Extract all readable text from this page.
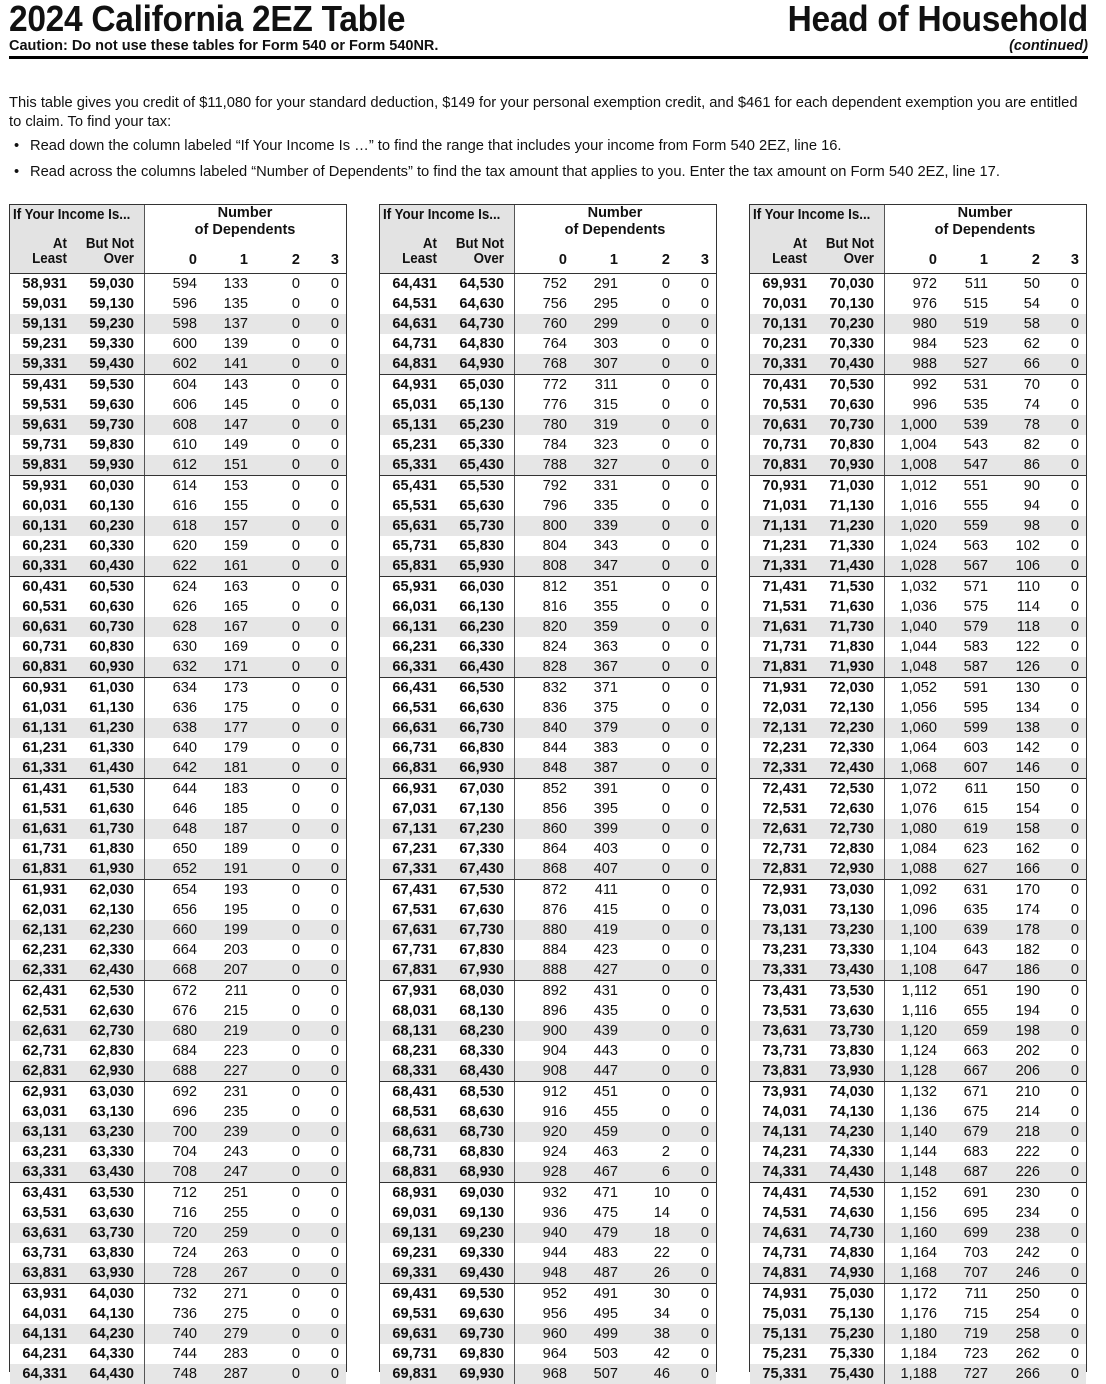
2024 California 2EZ Table	Head of Household
Caution: Do not use these tables for Form 540 or Form 540NR.	(continued)
This table gives you credit of $11,080 for your standard deduction, $149 for your personal exemption credit, and $461 for each dependent exemption you are entitled to claim. To find your tax:
• Read down the column labeled “If Your Income Is …” to find the range that includes your income from Form 540 2EZ, line 16.
• Read across the columns labeled “Number of Dependents” to find the tax amount that applies to you. Enter the tax amount on Form 540 2EZ, line 17.
If Your Income Is...
At
Least
But Not
Over
Number
of Dependents
0	1	2	3
58,931	59,030	594	133	0	0
59,031	59,130	596	135	0	0
59,131	59,230	598	137	0	0
59,231	59,330	600	139	0	0
59,331	59,430	602	141	0	0
59,431	59,530	604	143	0	0
59,531	59,630	606	145	0	0
59,631	59,730	608	147	0	0
59,731	59,830	610	149	0	0
59,831	59,930	612	151	0	0
59,931	60,030	614	153	0	0
60,031	60,130	616	155	0	0
60,131	60,230	618	157	0	0
60,231	60,330	620	159	0	0
60,331	60,430	622	161	0	0
60,431	60,530	624	163	0	0
60,531	60,630	626	165	0	0
60,631	60,730	628	167	0	0
60,731	60,830	630	169	0	0
60,831	60,930	632	171	0	0
60,931	61,030	634	173	0	0
61,031	61,130	636	175	0	0
61,131	61,230	638	177	0	0
61,231	61,330	640	179	0	0
61,331	61,430	642	181	0	0
61,431	61,530	644	183	0	0
61,531	61,630	646	185	0	0
61,631	61,730	648	187	0	0
61,731	61,830	650	189	0	0
61,831	61,930	652	191	0	0
61,931	62,030	654	193	0	0
62,031	62,130	656	195	0	0
62,131	62,230	660	199	0	0
62,231	62,330	664	203	0	0
62,331	62,430	668	207	0	0
62,431	62,530	672	211	0	0
62,531	62,630	676	215	0	0
62,631	62,730	680	219	0	0
62,731	62,830	684	223	0	0
62,831	62,930	688	227	0	0
62,931	63,030	692	231	0	0
63,031	63,130	696	235	0	0
63,131	63,230	700	239	0	0
63,231	63,330	704	243	0	0
63,331	63,430	708	247	0	0
63,431	63,530	712	251	0	0
63,531	63,630	716	255	0	0
63,631	63,730	720	259	0	0
63,731	63,830	724	263	0	0
63,831	63,930	728	267	0	0
63,931	64,030	732	271	0	0
64,031	64,130	736	275	0	0
64,131	64,230	740	279	0	0
64,231	64,330	744	283	0	0
64,331	64,430	748	287	0	0
If Your Income Is...
At
Least
But Not
Over
Number
of Dependents
0	1	2	3
64,431	64,530	752	291	0	0
64,531	64,630	756	295	0	0
64,631	64,730	760	299	0	0
64,731	64,830	764	303	0	0
64,831	64,930	768	307	0	0
64,931	65,030	772	311	0	0
65,031	65,130	776	315	0	0
65,131	65,230	780	319	0	0
65,231	65,330	784	323	0	0
65,331	65,430	788	327	0	0
65,431	65,530	792	331	0	0
65,531	65,630	796	335	0	0
65,631	65,730	800	339	0	0
65,731	65,830	804	343	0	0
65,831	65,930	808	347	0	0
65,931	66,030	812	351	0	0
66,031	66,130	816	355	0	0
66,131	66,230	820	359	0	0
66,231	66,330	824	363	0	0
66,331	66,430	828	367	0	0
66,431	66,530	832	371	0	0
66,531	66,630	836	375	0	0
66,631	66,730	840	379	0	0
66,731	66,830	844	383	0	0
66,831	66,930	848	387	0	0
66,931	67,030	852	391	0	0
67,031	67,130	856	395	0	0
67,131	67,230	860	399	0	0
67,231	67,330	864	403	0	0
67,331	67,430	868	407	0	0
67,431	67,530	872	411	0	0
67,531	67,630	876	415	0	0
67,631	67,730	880	419	0	0
67,731	67,830	884	423	0	0
67,831	67,930	888	427	0	0
67,931	68,030	892	431	0	0
68,031	68,130	896	435	0	0
68,131	68,230	900	439	0	0
68,231	68,330	904	443	0	0
68,331	68,430	908	447	0	0
68,431	68,530	912	451	0	0
68,531	68,630	916	455	0	0
68,631	68,730	920	459	0	0
68,731	68,830	924	463	2	0
68,831	68,930	928	467	6	0
68,931	69,030	932	471	10	0
69,031	69,130	936	475	14	0
69,131	69,230	940	479	18	0
69,231	69,330	944	483	22	0
69,331	69,430	948	487	26	0
69,431	69,530	952	491	30	0
69,531	69,630	956	495	34	0
69,631	69,730	960	499	38	0
69,731	69,830	964	503	42	0
69,831	69,930	968	507	46	0
If Your Income Is...
At
Least
But Not
Over
Number
of Dependents
0	1	2	3
69,931	70,030	972	511	50	0
70,031	70,130	976	515	54	0
70,131	70,230	980	519	58	0
70,231	70,330	984	523	62	0
70,331	70,430	988	527	66	0
70,431	70,530	992	531	70	0
70,531	70,630	996	535	74	0
70,631	70,730	1,000	539	78	0
70,731	70,830	1,004	543	82	0
70,831	70,930	1,008	547	86	0
70,931	71,030	1,012	551	90	0
71,031	71,130	1,016	555	94	0
71,131	71,230	1,020	559	98	0
71,231	71,330	1,024	563	102	0
71,331	71,430	1,028	567	106	0
71,431	71,530	1,032	571	110	0
71,531	71,630	1,036	575	114	0
71,631	71,730	1,040	579	118	0
71,731	71,830	1,044	583	122	0
71,831	71,930	1,048	587	126	0
71,931	72,030	1,052	591	130	0
72,031	72,130	1,056	595	134	0
72,131	72,230	1,060	599	138	0
72,231	72,330	1,064	603	142	0
72,331	72,430	1,068	607	146	0
72,431	72,530	1,072	611	150	0
72,531	72,630	1,076	615	154	0
72,631	72,730	1,080	619	158	0
72,731	72,830	1,084	623	162	0
72,831	72,930	1,088	627	166	0
72,931	73,030	1,092	631	170	0
73,031	73,130	1,096	635	174	0
73,131	73,230	1,100	639	178	0
73,231	73,330	1,104	643	182	0
73,331	73,430	1,108	647	186	0
73,431	73,530	1,112	651	190	0
73,531	73,630	1,116	655	194	0
73,631	73,730	1,120	659	198	0
73,731	73,830	1,124	663	202	0
73,831	73,930	1,128	667	206	0
73,931	74,030	1,132	671	210	0
74,031	74,130	1,136	675	214	0
74,131	74,230	1,140	679	218	0
74,231	74,330	1,144	683	222	0
74,331	74,430	1,148	687	226	0
74,431	74,530	1,152	691	230	0
74,531	74,630	1,156	695	234	0
74,631	74,730	1,160	699	238	0
74,731	74,830	1,164	703	242	0
74,831	74,930	1,168	707	246	0
74,931	75,030	1,172	711	250	0
75,031	75,130	1,176	715	254	0
75,131	75,230	1,180	719	258	0
75,231	75,330	1,184	723	262	0
75,331	75,430	1,188	727	266	0
